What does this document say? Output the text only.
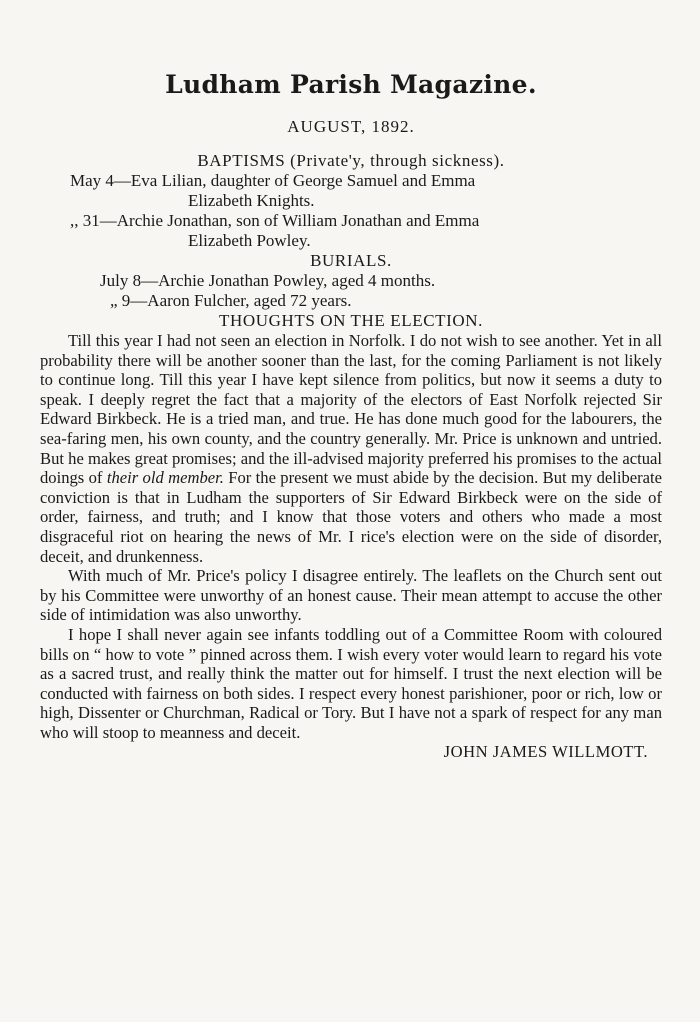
Ludham Parish Magazine.
AUGUST, 1892.
BAPTISMS (Private'y, through sickness).
May 4—Eva Lilian, daughter of George Samuel and Emma
Elizabeth Knights.
,, 31—Archie Jonathan, son of William Jonathan and Emma
Elizabeth Powley.
BURIALS.
July 8—Archie Jonathan Powley, aged 4 months.
„ 9—Aaron Fulcher, aged 72 years.
THOUGHTS ON THE ELECTION.

Till this year I had not seen an election in Norfolk. I do not wish to see another. Yet in all probability there will be another sooner than the last, for the coming Parliament is not likely to continue long. Till this year I have kept silence from politics, but now it seems a duty to speak. I deeply regret the fact that a majority of the electors of East Norfolk rejected Sir Edward Birkbeck. He is a tried man, and true. He has done much good for the labourers, the sea-faring men, his own county, and the country generally. Mr. Price is unknown and untried. But he makes great promises; and the ill-advised majority preferred his promises to the actual doings of their old member. For the present we must abide by the decision. But my deliberate conviction is that in Ludham the supporters of Sir Edward Birkbeck were on the side of order, fairness, and truth; and I know that those voters and others who made a most disgraceful riot on hearing the news of Mr. I rice's election were on the side of disorder, deceit, and drunkenness.

With much of Mr. Price's policy I disagree entirely. The leaflets on the Church sent out by his Committee were unworthy of an honest cause. Their mean attempt to accuse the other side of intimidation was also unworthy.

I hope I shall never again see infants toddling out of a Committee Room with coloured bills on “ how to vote ” pinned across them. I wish every voter would learn to regard his vote as a sacred trust, and really think the matter out for himself. I trust the next election will be conducted with fairness on both sides. I respect every honest parishioner, poor or rich, low or high, Dissenter or Churchman, Radical or Tory. But I have not a spark of respect for any man who will stoop to meanness and deceit.

JOHN JAMES WILLMOTT.
